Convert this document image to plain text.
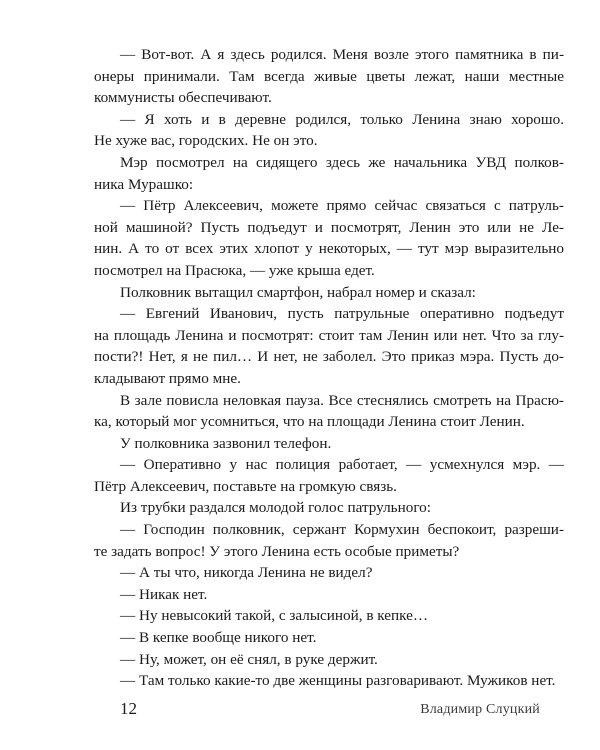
— Вот-вот. А я здесь родился. Меня возле этого памятника в пи-
онеры принимали. Там всегда живые цветы лежат, наши местные
коммунисты обеспечивают.
— Я хоть и в деревне родился, только Ленина знаю хорошо.
Не хуже вас, городских. Не он это.
Мэр посмотрел на сидящего здесь же начальника УВД полков-
ника Мурашко:
— Пётр Алексеевич, можете прямо сейчас связаться с патруль-
ной машиной? Пусть подъедут и посмотрят, Ленин это или не Ле-
нин. А то от всех этих хлопот у некоторых, — тут мэр выразительно
посмотрел на Прасюка, — уже крыша едет.
Полковник вытащил смартфон, набрал номер и сказал:
— Евгений Иванович, пусть патрульные оперативно подъедут
на площадь Ленина и посмотрят: стоит там Ленин или нет. Что за глу-
пости?! Нет, я не пил… И нет, не заболел. Это приказ мэра. Пусть до-
кладывают прямо мне.
В зале повисла неловкая пауза. Все стеснялись смотреть на Прасю-
ка, который мог усомниться, что на площади Ленина стоит Ленин.
У полковника зазвонил телефон.
— Оперативно у нас полиция работает, — усмехнулся мэр. —
Пётр Алексеевич, поставьте на громкую связь.
Из трубки раздался молодой голос патрульного:
— Господин полковник, сержант Кормухин беспокоит, разреши-
те задать вопрос! У этого Ленина есть особые приметы?
— А ты что, никогда Ленина не видел?
— Никак нет.
— Ну невысокий такой, с залысиной, в кепке…
— В кепке вообще никого нет.
— Ну, может, он её снял, в руке держит.
— Там только какие-то две женщины разговаривают. Мужиков нет.
12	Владимир Слуцкий
